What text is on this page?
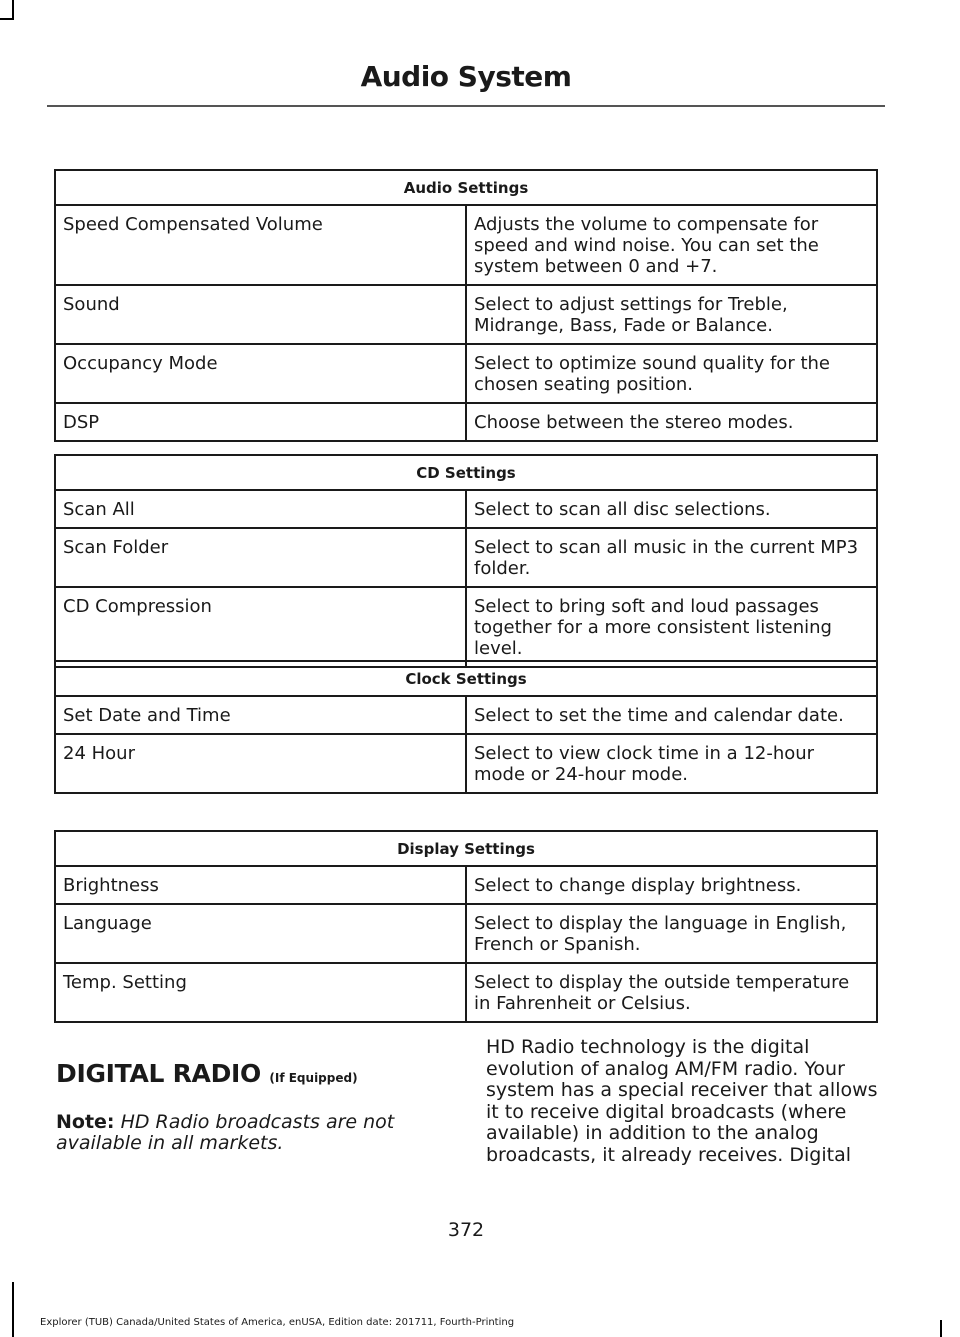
Audio System
Audio Settings	
Speed Compensated Volume	Adjusts the volume to compensate for speed and wind noise. You can set the system between 0 and +7.
Sound	Select to adjust settings for Treble, Midrange, Bass, Fade or Balance.
Occupancy Mode	Select to optimize sound quality for the chosen seating position.
DSP	Choose between the stereo modes.
CD Settings	
Scan All	Select to scan all disc selections.
Scan Folder	Select to scan all music in the current MP3 folder.
CD Compression	Select to bring soft and loud passages together for a more consistent listening level.
Clock Settings	
Set Date and Time	Select to set the time and calendar date.
24 Hour	Select to view clock time in a 12-hour mode or 24-hour mode.
Display Settings	
Brightness	Select to change display brightness.
Language	Select to display the language in English, French or Spanish.
Temp. Setting	Select to display the outside temperature in Fahrenheit or Celsius.
DIGITAL RADIO (If Equipped)

Note: HD Radio broadcasts are not available in all markets.

HD Radio technology is the digital evolution of analog AM/FM radio. Your system has a special receiver that allows it to receive digital broadcasts (where available) in addition to the analog broadcasts, it already receives. Digital

372
Explorer (TUB) Canada/United States of America, enUSA, Edition date: 201711, Fourth-Printing
